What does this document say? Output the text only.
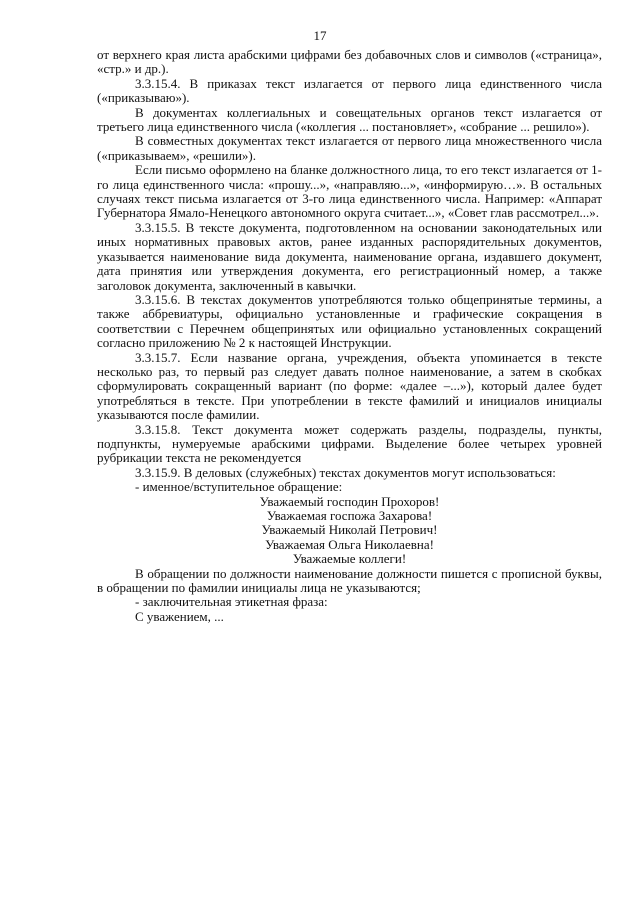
17

от верхнего края листа арабскими цифрами без добавочных слов и символов («страница», «стр.» и др.).

3.3.15.4. В приказах текст излагается от первого лица единственного числа («приказываю»).

В документах коллегиальных и совещательных органов текст излагается от третьего лица единственного числа («коллегия ... постановляет», «собрание ... решило»).

В совместных документах текст излагается от первого лица множественного числа («приказываем», «решили»).

Если письмо оформлено на бланке должностного лица, то его текст излагается от 1-го лица единственного числа: «прошу...», «направляю...», «информирую…». В остальных случаях текст письма излагается от 3-го лица единственного числа. Например: «Аппарат Губернатора Ямало-Ненецкого автономного округа считает...», «Совет глав рассмотрел...».

3.3.15.5. В тексте документа, подготовленном на основании законодательных или иных нормативных правовых актов, ранее изданных распорядительных документов, указывается наименование вида документа, наименование органа, издавшего документ, дата принятия или утверждения документа, его регистрационный номер, а также заголовок документа, заключенный в кавычки.

3.3.15.6. В текстах документов употребляются только общепринятые термины, а также аббревиатуры, официально установленные и графические сокращения в соответствии с Перечнем общепринятых или официально установленных сокращений согласно приложению № 2 к настоящей Инструкции.

3.3.15.7. Если название органа, учреждения, объекта упоминается в тексте несколько раз, то первый раз следует давать полное наименование, а затем в скобках сформулировать сокращенный вариант (по форме: «далее –...»), который далее будет употребляться в тексте. При употреблении в тексте фамилий и инициалов инициалы указываются после фамилии.

3.3.15.8. Текст документа может содержать разделы, подразделы, пункты, подпункты, нумеруемые арабскими цифрами. Выделение более четырех уровней рубрикации текста не рекомендуется

3.3.15.9. В деловых (служебных) текстах документов могут использоваться:

- именное/вступительное обращение:

Уважаемый господин Прохоров!

Уважаемая госпожа Захарова!

Уважаемый Николай Петрович!

Уважаемая Ольга Николаевна!

Уважаемые коллеги!

В обращении по должности наименование должности пишется с прописной буквы, в обращении по фамилии инициалы лица не указываются;

- заключительная этикетная фраза:

С уважением, ...
